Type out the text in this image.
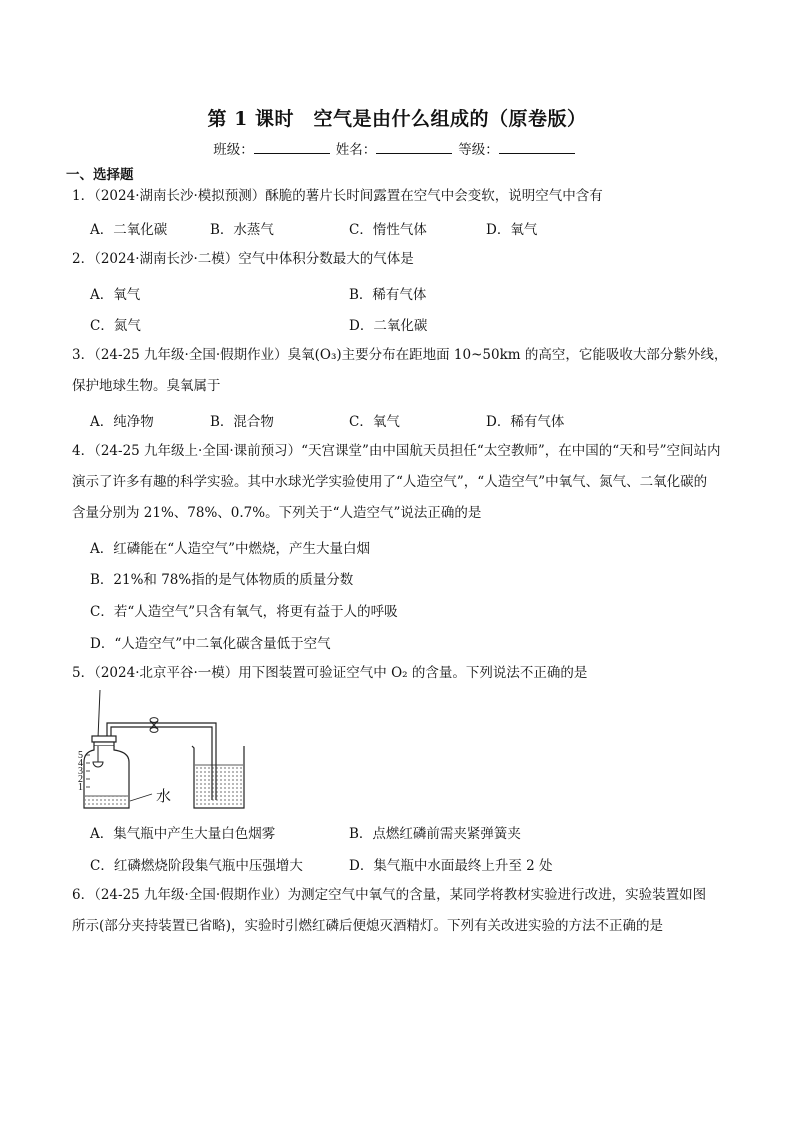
第 1 课时　空气是由什么组成的（原卷版）
班级：	姓名：	等级：
一、选择题
1．（2024·湖南长沙·模拟预测）酥脆的薯片长时间露置在空气中会变软，说明空气中含有
A．二氧化碳	B．水蒸气	C．惰性气体	D．氧气
2．（2024·湖南长沙·二模）空气中体积分数最大的气体是
A．氧气	B．稀有气体
C．氮气	D．二氧化碳
3．（24-25 九年级·全国·假期作业）臭氧(O₃)主要分布在距地面 10~50km 的高空，它能吸收大部分紫外线，
保护地球生物。臭氧属于
A．纯净物	B．混合物	C．氧气	D．稀有气体
4．（24-25 九年级上·全国·课前预习）“天宫课堂”由中国航天员担任“太空教师”，在中国的“天和号”空间站内
演示了许多有趣的科学实验。其中水球光学实验使用了“人造空气”，“人造空气”中氧气、氮气、二氧化碳的
含量分别为 21%、78%、0.7%。下列关于“人造空气”说法正确的是
A．红磷能在“人造空气”中燃烧，产生大量白烟
B．21%和 78%指的是气体物质的质量分数
C．若“人造空气”只含有氧气，将更有益于人的呼吸
D．“人造空气”中二氧化碳含量低于空气
5．（2024·北京平谷·一模）用下图装置可验证空气中 O₂ 的含量。下列说法不正确的是
5
4
3
2
1	水
A．集气瓶中产生大量白色烟雾	B．点燃红磷前需夹紧弹簧夹
C．红磷燃烧阶段集气瓶中压强增大	D．集气瓶中水面最终上升至 2 处
6．（24-25 九年级·全国·假期作业）为测定空气中氧气的含量，某同学将教材实验进行改进，实验装置如图
所示(部分夹持装置已省略)，实验时引燃红磷后便熄灭酒精灯。下列有关改进实验的方法不正确的是
